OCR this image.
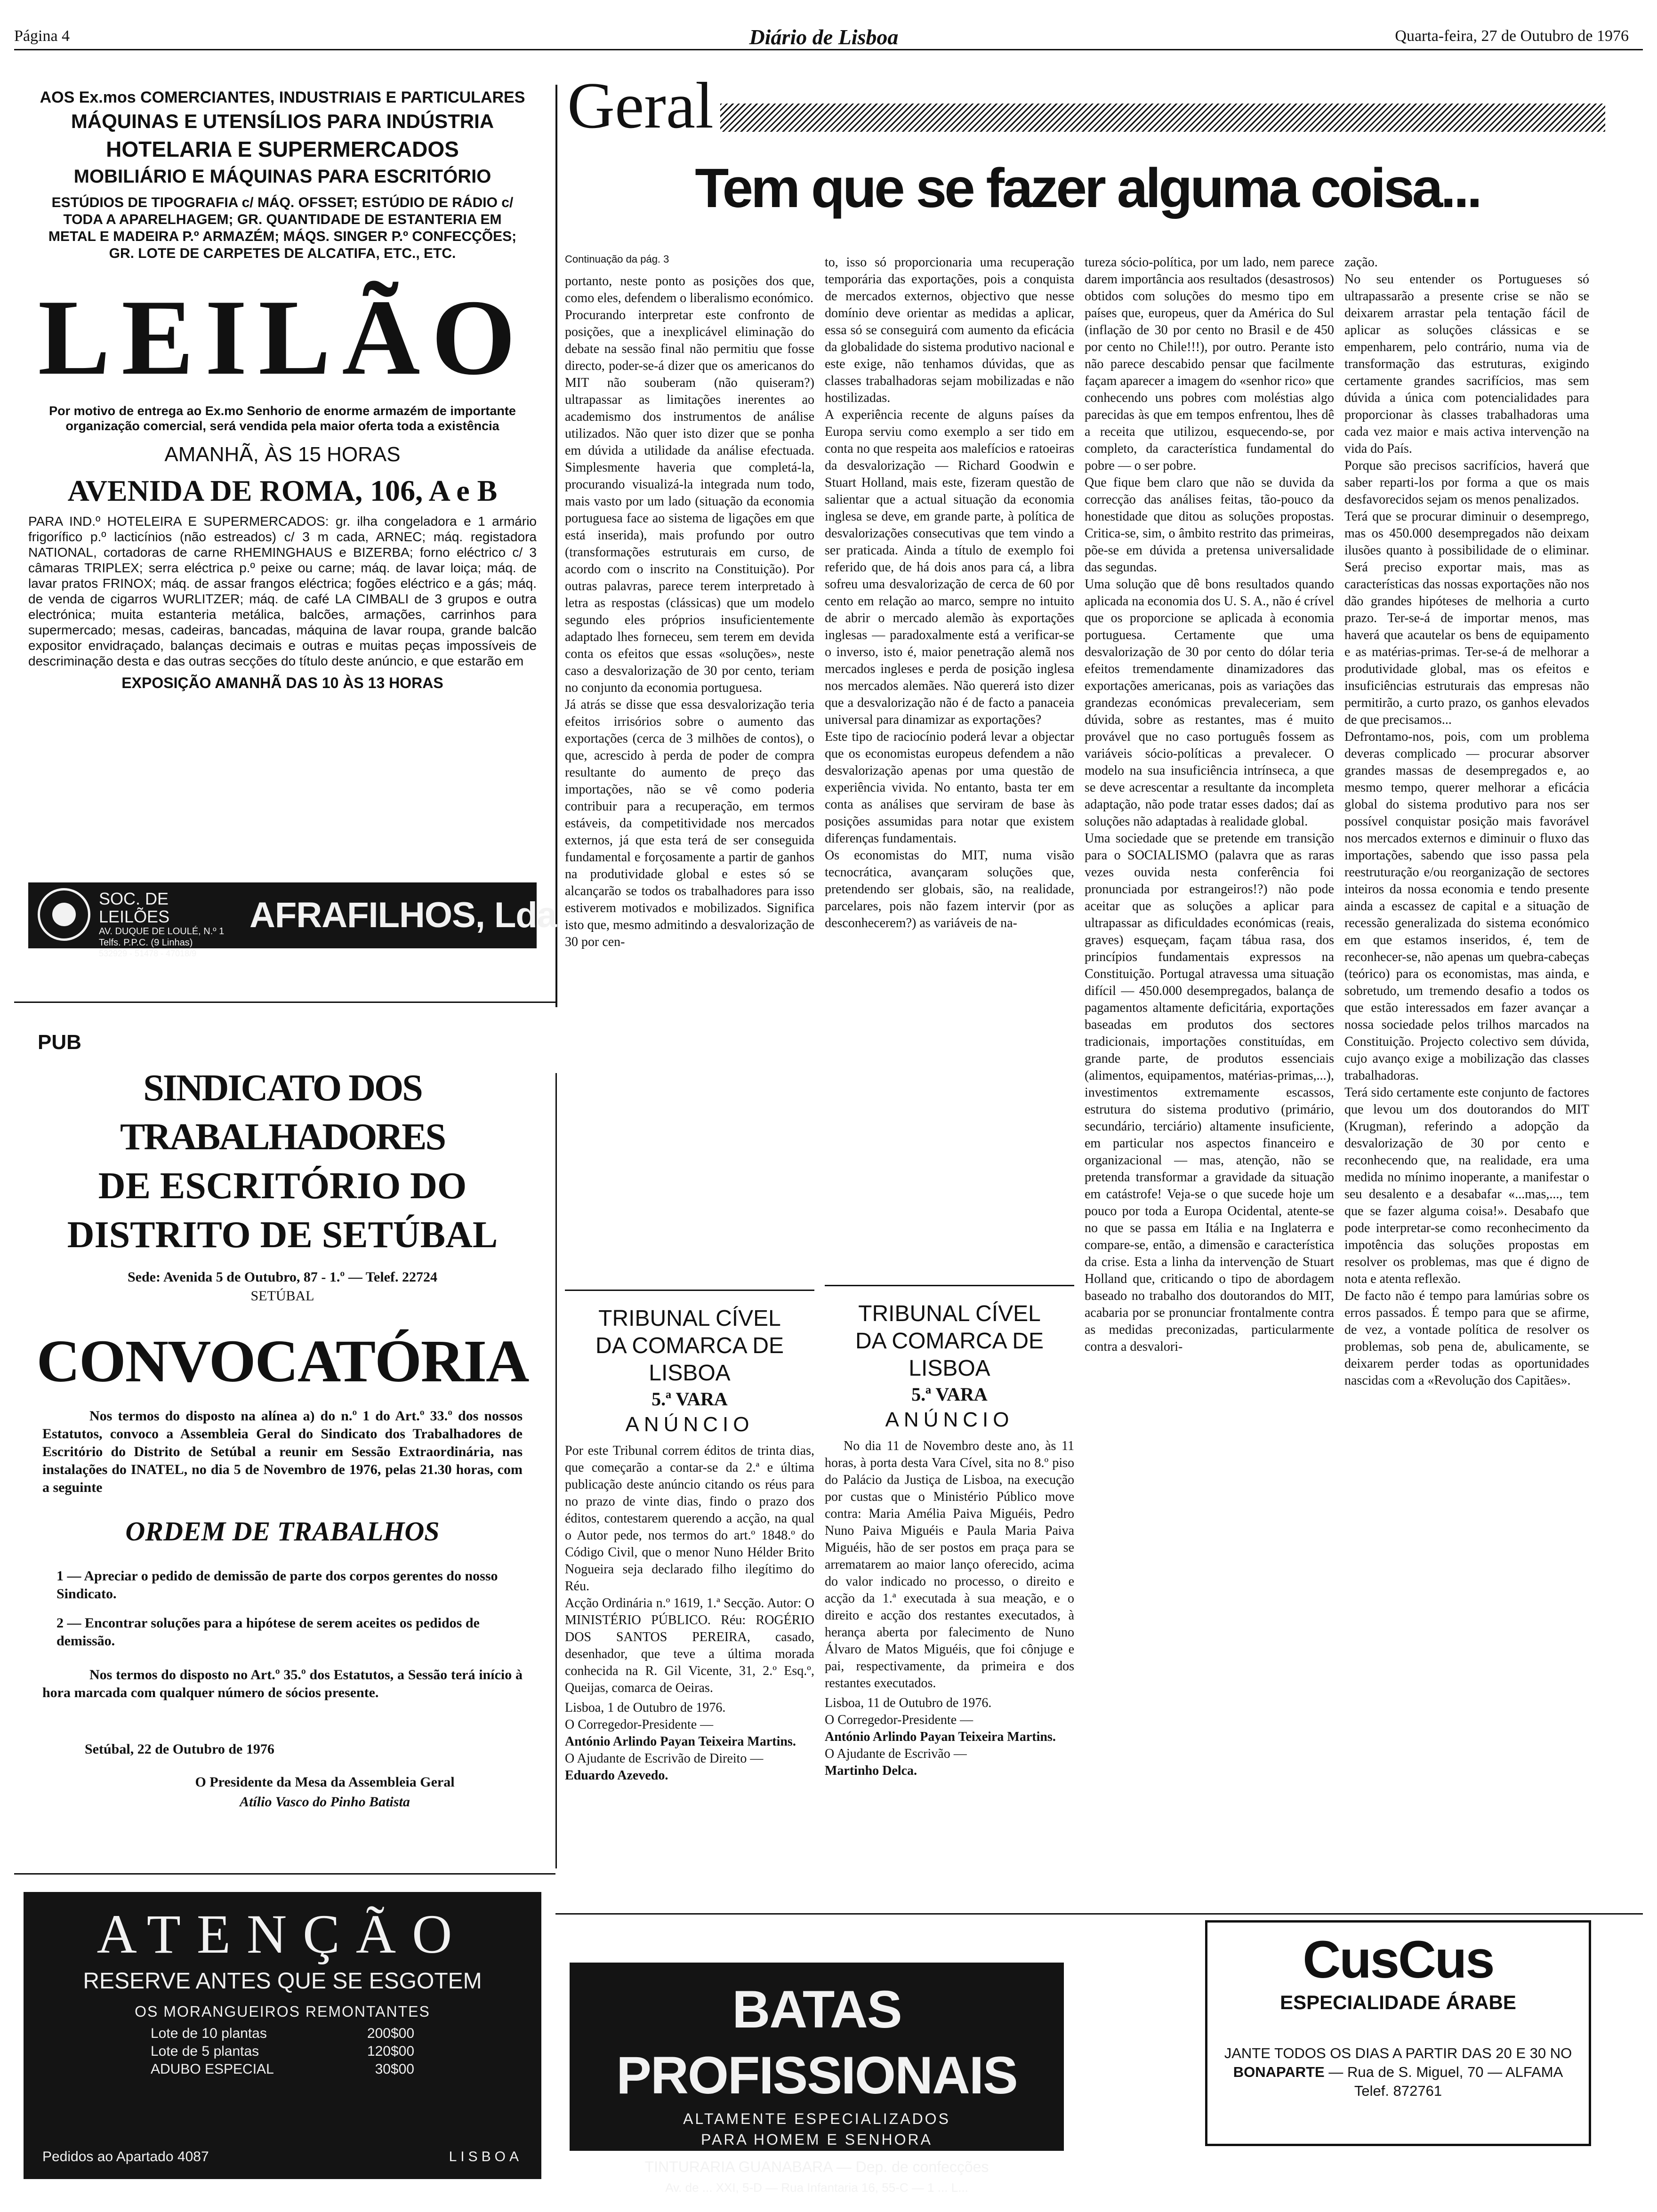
Página 4	Diário de Lisboa	Quarta-feira, 27 de Outubro de 1976
AOS Ex.mos COMERCIANTES, INDUSTRIAIS E PARTICULARES
MÁQUINAS E UTENSÍLIOS PARA INDÚSTRIA
HOTELARIA E SUPERMERCADOS
MOBILIÁRIO E MÁQUINAS PARA ESCRITÓRIO
ESTÚDIOS DE TIPOGRAFIA c/ MÁQ. OFSSET; ESTÚDIO DE RÁDIO c/ TODA A APARELHAGEM; GR. QUANTIDADE DE ESTANTERIA EM METAL E MADEIRA P.º ARMAZÉM; MÁQS. SINGER P.º CONFECÇÕES; GR. LOTE DE CARPETES DE ALCATIFA, ETC., ETC.
LEILÃO
Por motivo de entrega ao Ex.mo Senhorio de enorme armazém de importante organização comercial, será vendida pela maior oferta toda a existência
AMANHÃ, ÀS 15 HORAS
AVENIDA DE ROMA, 106, A e B
PARA IND.º HOTELEIRA E SUPERMERCADOS: gr. ilha congeladora e 1 armário frigorífico p.º lacticínios (não estreados) c/ 3 m cada, ARNEC; máq. registadora NATIONAL, cortadoras de carne RHEMINGHAUS e BIZERBA; forno eléctrico c/ 3 câmaras TRIPLEX; serra eléctrica p.º peixe ou carne; máq. de lavar loiça; máq. de lavar pratos FRINOX; máq. de assar frangos eléctrica; fogões eléctrico e a gás; máq. de venda de cigarros WURLITZER; máq. de café LA CIMBALI de 3 grupos e outra electrónica; muita estanteria metálica, balcões, armações, carrinhos para supermercado; mesas, cadeiras, bancadas, máquina de lavar roupa, grande balcão expositor envidraçado, balanças decimais e outras e muitas peças impossíveis de descriminação desta e das outras secções do título deste anúncio, e que estarão em
EXPOSIÇÃO AMANHÃ DAS 10 ÀS 13 HORAS
SOC. DE LEILÕES
AV. DUQUE DE LOULÉ, N.º 1
Telfs. P.P.C. (9 Linhas)
532929 - 51478 - 47018/9
AFRAFILHOS, Lda
PUB
SINDICATO DOS TRABALHADORES
DE ESCRITÓRIO DO
DISTRITO DE SETÚBAL
Sede: Avenida 5 de Outubro, 87 - 1.º — Telef. 22724
SETÚBAL
CONVOCATÓRIA
Nos termos do disposto na alínea a) do n.º 1 do Art.º 33.º dos nossos Estatutos, convoco a Assembleia Geral do Sindicato dos Trabalhadores de Escritório do Distrito de Setúbal a reunir em Sessão Extraordinária, nas instalações do INATEL, no dia 5 de Novembro de 1976, pelas 21.30 horas, com a seguinte
ORDEM DE TRABALHOS
1 — Apreciar o pedido de demissão de parte dos corpos gerentes do nosso Sindicato.
2 — Encontrar soluções para a hipótese de serem aceites os pedidos de demissão.
Nos termos do disposto no Art.º 35.º dos Estatutos, a Sessão terá início à hora marcada com qualquer número de sócios presente.
Setúbal, 22 de Outubro de 1976
O Presidente da Mesa da Assembleia Geral
Atílio Vasco do Pinho Batista
ATENÇÃO
RESERVE ANTES QUE SE ESGOTEM
OS MORANGUEIROS REMONTANTES
Lote de 10 plantas	200$00
Lote de 5 plantas	120$00
ADUBO ESPECIAL	30$00
Pedidos ao Apartado 4087	LISBOA
Geral
Tem que se fazer alguma coisa...
Continuação da pág. 3

portanto, neste ponto as posições dos que, como eles, defendem o liberalismo económico.
Procurando interpretar este confronto de posições, que a inexplicável eliminação do debate na sessão final não permitiu que fosse directo, poder-se-á dizer que os americanos do MIT não souberam (não quiseram?) ultrapassar as limitações inerentes ao academismo dos instrumentos de análise utilizados. Não quer isto dizer que se ponha em dúvida a utilidade da análise efectuada. Simplesmente haveria que completá-la, procurando visualizá-la integrada num todo, mais vasto por um lado (situação da economia portuguesa face ao sistema de ligações em que está inserida), mais profundo por outro (transformações estruturais em curso, de acordo com o inscrito na Constituição). Por outras palavras, parece terem interpretado à letra as respostas (clássicas) que um modelo segundo eles próprios insuficientemente adaptado lhes forneceu, sem terem em devida conta os efeitos que essas «soluções», neste caso a desvalorização de 30 por cento, teriam no conjunto da economia portuguesa.
Já atrás se disse que essa desvalorização teria efeitos irrisórios sobre o aumento das exportações (cerca de 3 milhões de contos), o que, acrescido à perda de poder de compra resultante do aumento de preço das importações, não se vê como poderia contribuir para a recuperação, em termos estáveis, da competitividade nos mercados externos, já que esta terá de ser conseguida fundamental e forçosamente a partir de ganhos na produtividade global e estes só se alcançarão se todos os trabalhadores para isso estiverem motivados e mobilizados. Significa isto que, mesmo admitindo a desvalorização de 30 por cen-

to, isso só proporcionaria uma recuperação temporária das exportações, pois a conquista de mercados externos, objectivo que nesse domínio deve orientar as medidas a aplicar, essa só se conseguirá com aumento da eficácia da globalidade do sistema produtivo nacional e este exige, não tenhamos dúvidas, que as classes trabalhadoras sejam mobilizadas e não hostilizadas.
A experiência recente de alguns países da Europa serviu como exemplo a ser tido em conta no que respeita aos malefícios e ratoeiras da desvalorização — Richard Goodwin e Stuart Holland, mais este, fizeram questão de salientar que a actual situação da economia inglesa se deve, em grande parte, à política de desvalorizações consecutivas que tem vindo a ser praticada. Ainda a título de exemplo foi referido que, de há dois anos para cá, a libra sofreu uma desvalorização de cerca de 60 por cento em relação ao marco, sempre no intuito de abrir o mercado alemão às exportações inglesas — paradoxalmente está a verificar-se o inverso, isto é, maior penetração alemã nos mercados ingleses e perda de posição inglesa nos mercados alemães. Não quererá isto dizer que a desvalorização não é de facto a panaceia universal para dinamizar as exportações?
Este tipo de raciocínio poderá levar a objectar que os economistas europeus defendem a não desvalorização apenas por uma questão de experiência vivida. No entanto, basta ter em conta as análises que serviram de base às posições assumidas para notar que existem diferenças fundamentais.
Os economistas do MIT, numa visão tecnocrática, avançaram soluções que, pretendendo ser globais, são, na realidade, parcelares, pois não fazem intervir (por as desconhecerem?) as variáveis de na-

tureza sócio-política, por um lado, nem parece darem importância aos resultados (desastrosos) obtidos com soluções do mesmo tipo em países que, europeus, quer da América do Sul (inflação de 30 por cento no Brasil e de 450 por cento no Chile!!!), por outro. Perante isto não parece descabido pensar que facilmente façam aparecer a imagem do «senhor rico» que conhecendo uns pobres com moléstias algo parecidas às que em tempos enfrentou, lhes dê a receita que utilizou, esquecendo-se, por completo, da característica fundamental do pobre — o ser pobre.
Que fique bem claro que não se duvida da correcção das análises feitas, tão-pouco da honestidade que ditou as soluções propostas. Critica-se, sim, o âmbito restrito das primeiras, põe-se em dúvida a pretensa universalidade das segundas.
Uma solução que dê bons resultados quando aplicada na economia dos U. S. A., não é crível que os proporcione se aplicada à economia portuguesa. Certamente que uma desvalorização de 30 por cento do dólar teria efeitos tremendamente dinamizadores das exportações americanas, pois as variações das grandezas económicas prevaleceriam, sem dúvida, sobre as restantes, mas é muito provável que no caso português fossem as variáveis sócio-políticas a prevalecer. O modelo na sua insuficiência intrínseca, a que se deve acrescentar a resultante da incompleta adaptação, não pode tratar esses dados; daí as soluções não adaptadas à realidade global.
Uma sociedade que se pretende em transição para o SOCIALISMO (palavra que as raras vezes ouvida nesta conferência foi pronunciada por estrangeiros!?) não pode aceitar que as soluções a aplicar para ultrapassar as dificuldades económicas (reais, graves) esqueçam, façam tábua rasa, dos princípios fundamentais expressos na Constituição. Portugal atravessa uma situação difícil — 450.000 desempregados, balança de pagamentos altamente deficitária, exportações baseadas em produtos dos sectores tradicionais, importações constituídas, em grande parte, de produtos essenciais (alimentos, equipamentos, matérias-primas,...), investimentos extremamente escassos, estrutura do sistema produtivo (primário, secundário, terciário) altamente insuficiente, em particular nos aspectos financeiro e organizacional — mas, atenção, não se pretenda transformar a gravidade da situação em catástrofe! Veja-se o que sucede hoje um pouco por toda a Europa Ocidental, atente-se no que se passa em Itália e na Inglaterra e compare-se, então, a dimensão e característica da crise. Esta a linha da intervenção de Stuart Holland que, criticando o tipo de abordagem baseado no trabalho dos doutorandos do MIT, acabaria por se pronunciar frontalmente contra as medidas preconizadas, particularmente contra a desvalori-

zação.
No seu entender os Portugueses só ultrapassarão a presente crise se não se deixarem arrastar pela tentação fácil de aplicar as soluções clássicas e se empenharem, pelo contrário, numa via de transformação das estruturas, exigindo certamente grandes sacrifícios, mas sem dúvida a única com potencialidades para proporcionar às classes trabalhadoras uma cada vez maior e mais activa intervenção na vida do País.
Porque são precisos sacrifícios, haverá que saber reparti-los por forma a que os mais desfavorecidos sejam os menos penalizados.
Terá que se procurar diminuir o desemprego, mas os 450.000 desempregados não deixam ilusões quanto à possibilidade de o eliminar. Será preciso exportar mais, mas as características das nossas exportações não nos dão grandes hipóteses de melhoria a curto prazo. Ter-se-á de importar menos, mas haverá que acautelar os bens de equipamento e as matérias-primas. Ter-se-á de melhorar a produtividade global, mas os efeitos e insuficiências estruturais das empresas não permitirão, a curto prazo, os ganhos elevados de que precisamos...
Defrontamo-nos, pois, com um problema deveras complicado — procurar absorver grandes massas de desempregados e, ao mesmo tempo, querer melhorar a eficácia global do sistema produtivo para nos ser possível conquistar posição mais favorável nos mercados externos e diminuir o fluxo das importações, sabendo que isso passa pela reestruturação e/ou reorganização de sectores inteiros da nossa economia e tendo presente ainda a escassez de capital e a situação de recessão generalizada do sistema económico em que estamos inseridos, é, tem de reconhecer-se, não apenas um quebra-cabeças (teórico) para os economistas, mas ainda, e sobretudo, um tremendo desafio a todos os que estão interessados em fazer avançar a nossa sociedade pelos trilhos marcados na Constituição. Projecto colectivo sem dúvida, cujo avanço exige a mobilização das classes trabalhadoras.
Terá sido certamente este conjunto de factores que levou um dos doutorandos do MIT (Krugman), referindo a adopção da desvalorização de 30 por cento e reconhecendo que, na realidade, era uma medida no mínimo inoperante, a manifestar o seu desalento e a desabafar «...mas,..., tem que se fazer alguma coisa!». Desabafo que pode interpretar-se como reconhecimento da impotência das soluções propostas em resolver os problemas, mas que é digno de nota e atenta reflexão.
De facto não é tempo para lamúrias sobre os erros passados. É tempo para que se afirme, de vez, a vontade política de resolver os problemas, sob pena de, abulicamente, se deixarem perder todas as oportunidades nascidas com a «Revolução dos Capitães».

TRIBUNAL CÍVEL DA COMARCA DE LISBOA
5.ª VARA
ANÚNCIO
Por este Tribunal correm éditos de trinta dias, que começarão a contar-se da 2.ª e última publicação deste anúncio citando os réus para no prazo de vinte dias, findo o prazo dos éditos, contestarem querendo a acção, na qual o Autor pede, nos termos do art.º 1848.º do Código Civil, que o menor Nuno Hélder Brito Nogueira seja declarado filho ilegítimo do Réu.
Acção Ordinária n.º 1619, 1.ª Secção. Autor: O MINISTÉRIO PÚBLICO. Réu: ROGÉRIO DOS SANTOS PEREIRA, casado, desenhador, que teve a última morada conhecida na R. Gil Vicente, 31, 2.º Esq.º, Queijas, comarca de Oeiras.
Lisboa, 1 de Outubro de 1976.
O Corregedor-Presidente —
António Arlindo Payan Teixeira Martins.
O Ajudante de Escrivão de Direito —
Eduardo Azevedo.
TRIBUNAL CÍVEL DA COMARCA DE LISBOA
5.ª VARA
ANÚNCIO
No dia 11 de Novembro deste ano, às 11 horas, à porta desta Vara Cível, sita no 8.º piso do Palácio da Justiça de Lisboa, na execução por custas que o Ministério Público move contra: Maria Amélia Paiva Miguéis, Pedro Nuno Paiva Miguéis e Paula Maria Paiva Miguéis, hão de ser postos em praça para se arrematarem ao maior lanço oferecido, acima do valor indicado no processo, o direito e acção da 1.ª executada à sua meação, e o direito e acção dos restantes executados, à herança aberta por falecimento de Nuno Álvaro de Matos Miguéis, que foi cônjuge e pai, respectivamente, da primeira e dos restantes executados.
Lisboa, 11 de Outubro de 1976.
O Corregedor-Presidente —
António Arlindo Payan Teixeira Martins.
O Ajudante de Escrivão —
Martinho Delca.
BATAS PROFISSIONAIS
ALTAMENTE ESPECIALIZADOS
PARA HOMEM E SENHORA
TINTURARIA GUANABARA — Dep. de confecções
Av. de ... XXI, 5-D — Rua Infantaria 16, 55-C — 1 ... L...
CusCus
ESPECIALIDADE ÁRABE
JANTE TODOS OS DIAS A PARTIR DAS 20 E 30 NO
BONAPARTE — Rua de S. Miguel, 70 — ALFAMA
Telef. 872761
